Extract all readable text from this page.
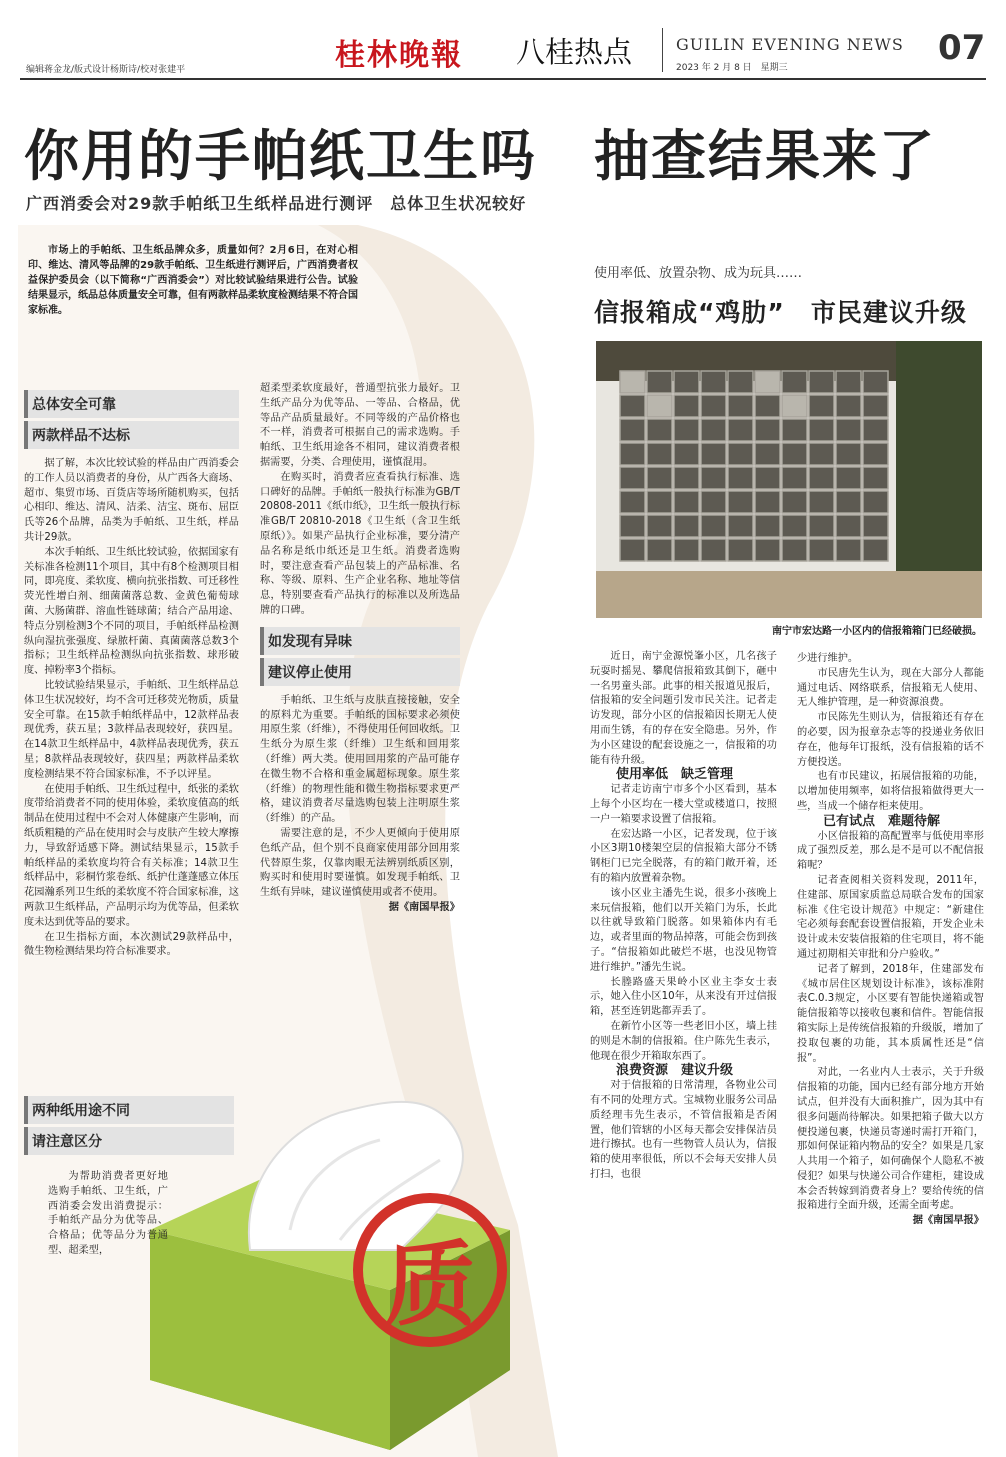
编辑蒋金龙/版式设计杨斯诗/校对张建平	桂林晚報 八桂热点	GUILIN EVENING NEWS
2023 年 2 月 8 日　星期三	07
你用的手帕纸卫生吗　抽查结果来了
广西消委会对29款手帕纸卫生纸样品进行测评　总体卫生状况较好

市场上的手帕纸、卫生纸品牌众多，质量如何？2月6日，在对心相印、维达、清风等品牌的29款手帕纸、卫生纸进行测评后，广西消费者权益保护委员会（以下简称“广西消委会”）对比较试验结果进行公告。试验结果显示，纸品总体质量安全可靠，但有两款样品柔软度检测结果不符合国家标准。

总体安全可靠
两款样品不达标

据了解，本次比较试验的样品由广西消委会的工作人员以消费者的身份，从广西各大商场、超市、集贸市场、百货店等场所随机购买，包括心相印、维达、清风、洁柔、洁宝、斑布、屈臣氏等26个品牌，品类为手帕纸、卫生纸，样品共计29款。

本次手帕纸、卫生纸比较试验，依据国家有关标准各检测11个项目，其中有8个检测项目相同，即亮度、柔软度、横向抗张指数、可迁移性荧光性增白剂、细菌菌落总数、金黄色葡萄球菌、大肠菌群、溶血性链球菌；结合产品用途、特点分别检测3个不同的项目，手帕纸样品检测纵向湿抗张强度、绿脓杆菌、真菌菌落总数3个指标；卫生纸样品检测纵向抗张指数、球形破度、掉粉率3个指标。

比较试验结果显示，手帕纸、卫生纸样品总体卫生状况较好，均不含可迁移荧光物质，质量安全可靠。在15款手帕纸样品中，12款样品表现优秀，获五星；3款样品表现较好，获四星。在14款卫生纸样品中，4款样品表现优秀，获五星；8款样品表现较好，获四星；两款样品柔软度检测结果不符合国家标准，不予以评星。

在使用手帕纸、卫生纸过程中，纸张的柔软度带给消费者不同的使用体验，柔软度值高的纸制品在使用过程中不会对人体健康产生影响，而纸质粗糙的产品在使用时会与皮肤产生较大摩擦力，导致舒适感下降。测试结果显示，15款手帕纸样品的柔软度均符合有关标准；14款卫生纸样品中，彩桐竹浆卷纸、纸护仕蓬蓬感立体压花园瀚系列卫生纸的柔软度不符合国家标准，这两款卫生纸样品，产品明示均为优等品，但柔软度未达到优等品的要求。

在卫生指标方面，本次测试29款样品中，微生物检测结果均符合标准要求。

超柔型柔软度最好，普通型抗张力最好。卫生纸产品分为优等品、一等品、合格品，优等品产品质量最好。不同等级的产品价格也不一样，消费者可根据自己的需求选购。手帕纸、卫生纸用途各不相同，建议消费者根据需要，分类、合理使用，谨慎混用。

在购买时，消费者应查看执行标准、选口碑好的品牌。手帕纸一般执行标准为GB/T 20808-2011《纸巾纸》，卫生纸一般执行标准GB/T 20810-2018《卫生纸（含卫生纸原纸）》。如果产品执行企业标准，要分清产品名称是纸巾纸还是卫生纸。消费者选购时，要注意查看产品包装上的产品标准、名称、等级、原料、生产企业名称、地址等信息，特别要查看产品执行的标准以及所选品牌的口碑。

如发现有异味
建议停止使用

手帕纸、卫生纸与皮肤直接接触，安全的原料尤为重要。手帕纸的国标要求必须使用原生浆（纤维），不得使用任何回收纸。卫生纸分为原生浆（纤维）卫生纸和回用浆（纤维）两大类。使用回用浆的产品可能存在微生物不合格和重金属超标现象。原生浆（纤维）的物理性能和微生物指标要求更严格，建议消费者尽量选购包装上注明原生浆（纤维）的产品。

需要注意的是，不少人更倾向于使用原色纸产品，但个别不良商家使用部分回用浆代替原生浆，仅靠肉眼无法辨别纸质区别，购买时和使用时要谨慎。如发现手帕纸、卫生纸有异味，建议谨慎使用或者不使用。

据《南国早报》

两种纸用途不同
请注意区分
质

为帮助消费者更好地选购手帕纸、卫生纸，广西消委会发出消费提示：手帕纸产品分为优等品、合格品；优等品分为普通型、超柔型，

使用率低、放置杂物、成为玩具……
信报箱成“鸡肋”　市民建议升级
南宁市宏达路一小区内的信报箱箱门已经破损。

近日，南宁金源悦峯小区，几名孩子玩耍时摇晃、攀爬信报箱致其倒下，砸中一名男童头部。此事的相关报道见报后，信报箱的安全问题引发市民关注。记者走访发现，部分小区的信报箱因长期无人使用而生锈，有的存在安全隐患。另外，作为小区建设的配套设施之一，信报箱的功能有待升级。

使用率低　缺乏管理

记者走访南宁市多个小区看到，基本上每个小区均在一楼大堂或楼道口，按照一户一箱要求设置了信报箱。

在宏达路一小区，记者发现，位于该小区3期10楼架空层的信报箱大部分不锈钢柜门已完全脱落，有的箱门敞开着，还有的箱内放置着杂物。

该小区业主潘先生说，很多小孩晚上来玩信报箱，他们以开关箱门为乐，长此以往就导致箱门脱落。如果箱体内有毛边，或者里面的物品掉落，可能会伤到孩子。“信报箱如此破烂不堪，也没见物管进行维护。”潘先生说。

长塍路盛天果岭小区业主李女士表示，她入住小区10年，从来没有开过信报箱，甚至连钥匙都弄丢了。

在新竹小区等一些老旧小区，墙上挂的则是木制的信报箱。住户陈先生表示，他现在很少开箱取东西了。

浪费资源　建议升级

对于信报箱的日常清理，各物业公司有不同的处理方式。宝城物业服务公司品质经理韦先生表示，不管信报箱是否闲置，他们管辖的小区每天都会安排保洁员进行擦拭。也有一些物管人员认为，信报箱的使用率很低，所以不会每天安排人员打扫，也很

少进行维护。

市民唐先生认为，现在大部分人都能通过电话、网络联系，信报箱无人使用、无人维护管理，是一种资源浪费。

市民陈先生则认为，信报箱还有存在的必要，因为报章杂志等的投递业务依旧存在，他每年订报纸，没有信报箱的话不方便投送。

也有市民建议，拓展信报箱的功能，以增加使用频率，如将信报箱做得更大一些，当成一个储存柜来使用。

已有试点　难题待解

小区信报箱的高配置率与低使用率形成了强烈反差，那么是不是可以不配信报箱呢？

记者查阅相关资料发现，2011年，住建部、原国家质监总局联合发布的国家标准《住宅设计规范》中规定：“新建住宅必须每套配套设置信报箱，开发企业未设计或未安装信报箱的住宅项目，将不能通过初期相关审批和分户验收。”

记者了解到，2018年，住建部发布《城市居住区规划设计标准》，该标准附表C.0.3规定，小区要有智能快递箱或智能信报箱等以接收包裹和信件。智能信报箱实际上是传统信报箱的升级版，增加了投取包裹的功能，其本质属性还是“信报”。

对此，一名业内人士表示，关于升级信报箱的功能，国内已经有部分地方开始试点，但并没有大面积推广，因为其中有很多问题尚待解决。如果把箱子做大以方便投递包裹，快递员寄递时需打开箱门，那如何保证箱内物品的安全？如果是几家人共用一个箱子，如何确保个人隐私不被侵犯？如果与快递公司合作建柜，建设成本会否转嫁到消费者身上？要给传统的信报箱进行全面升级，还需全面考虑。

据《南国早报》
